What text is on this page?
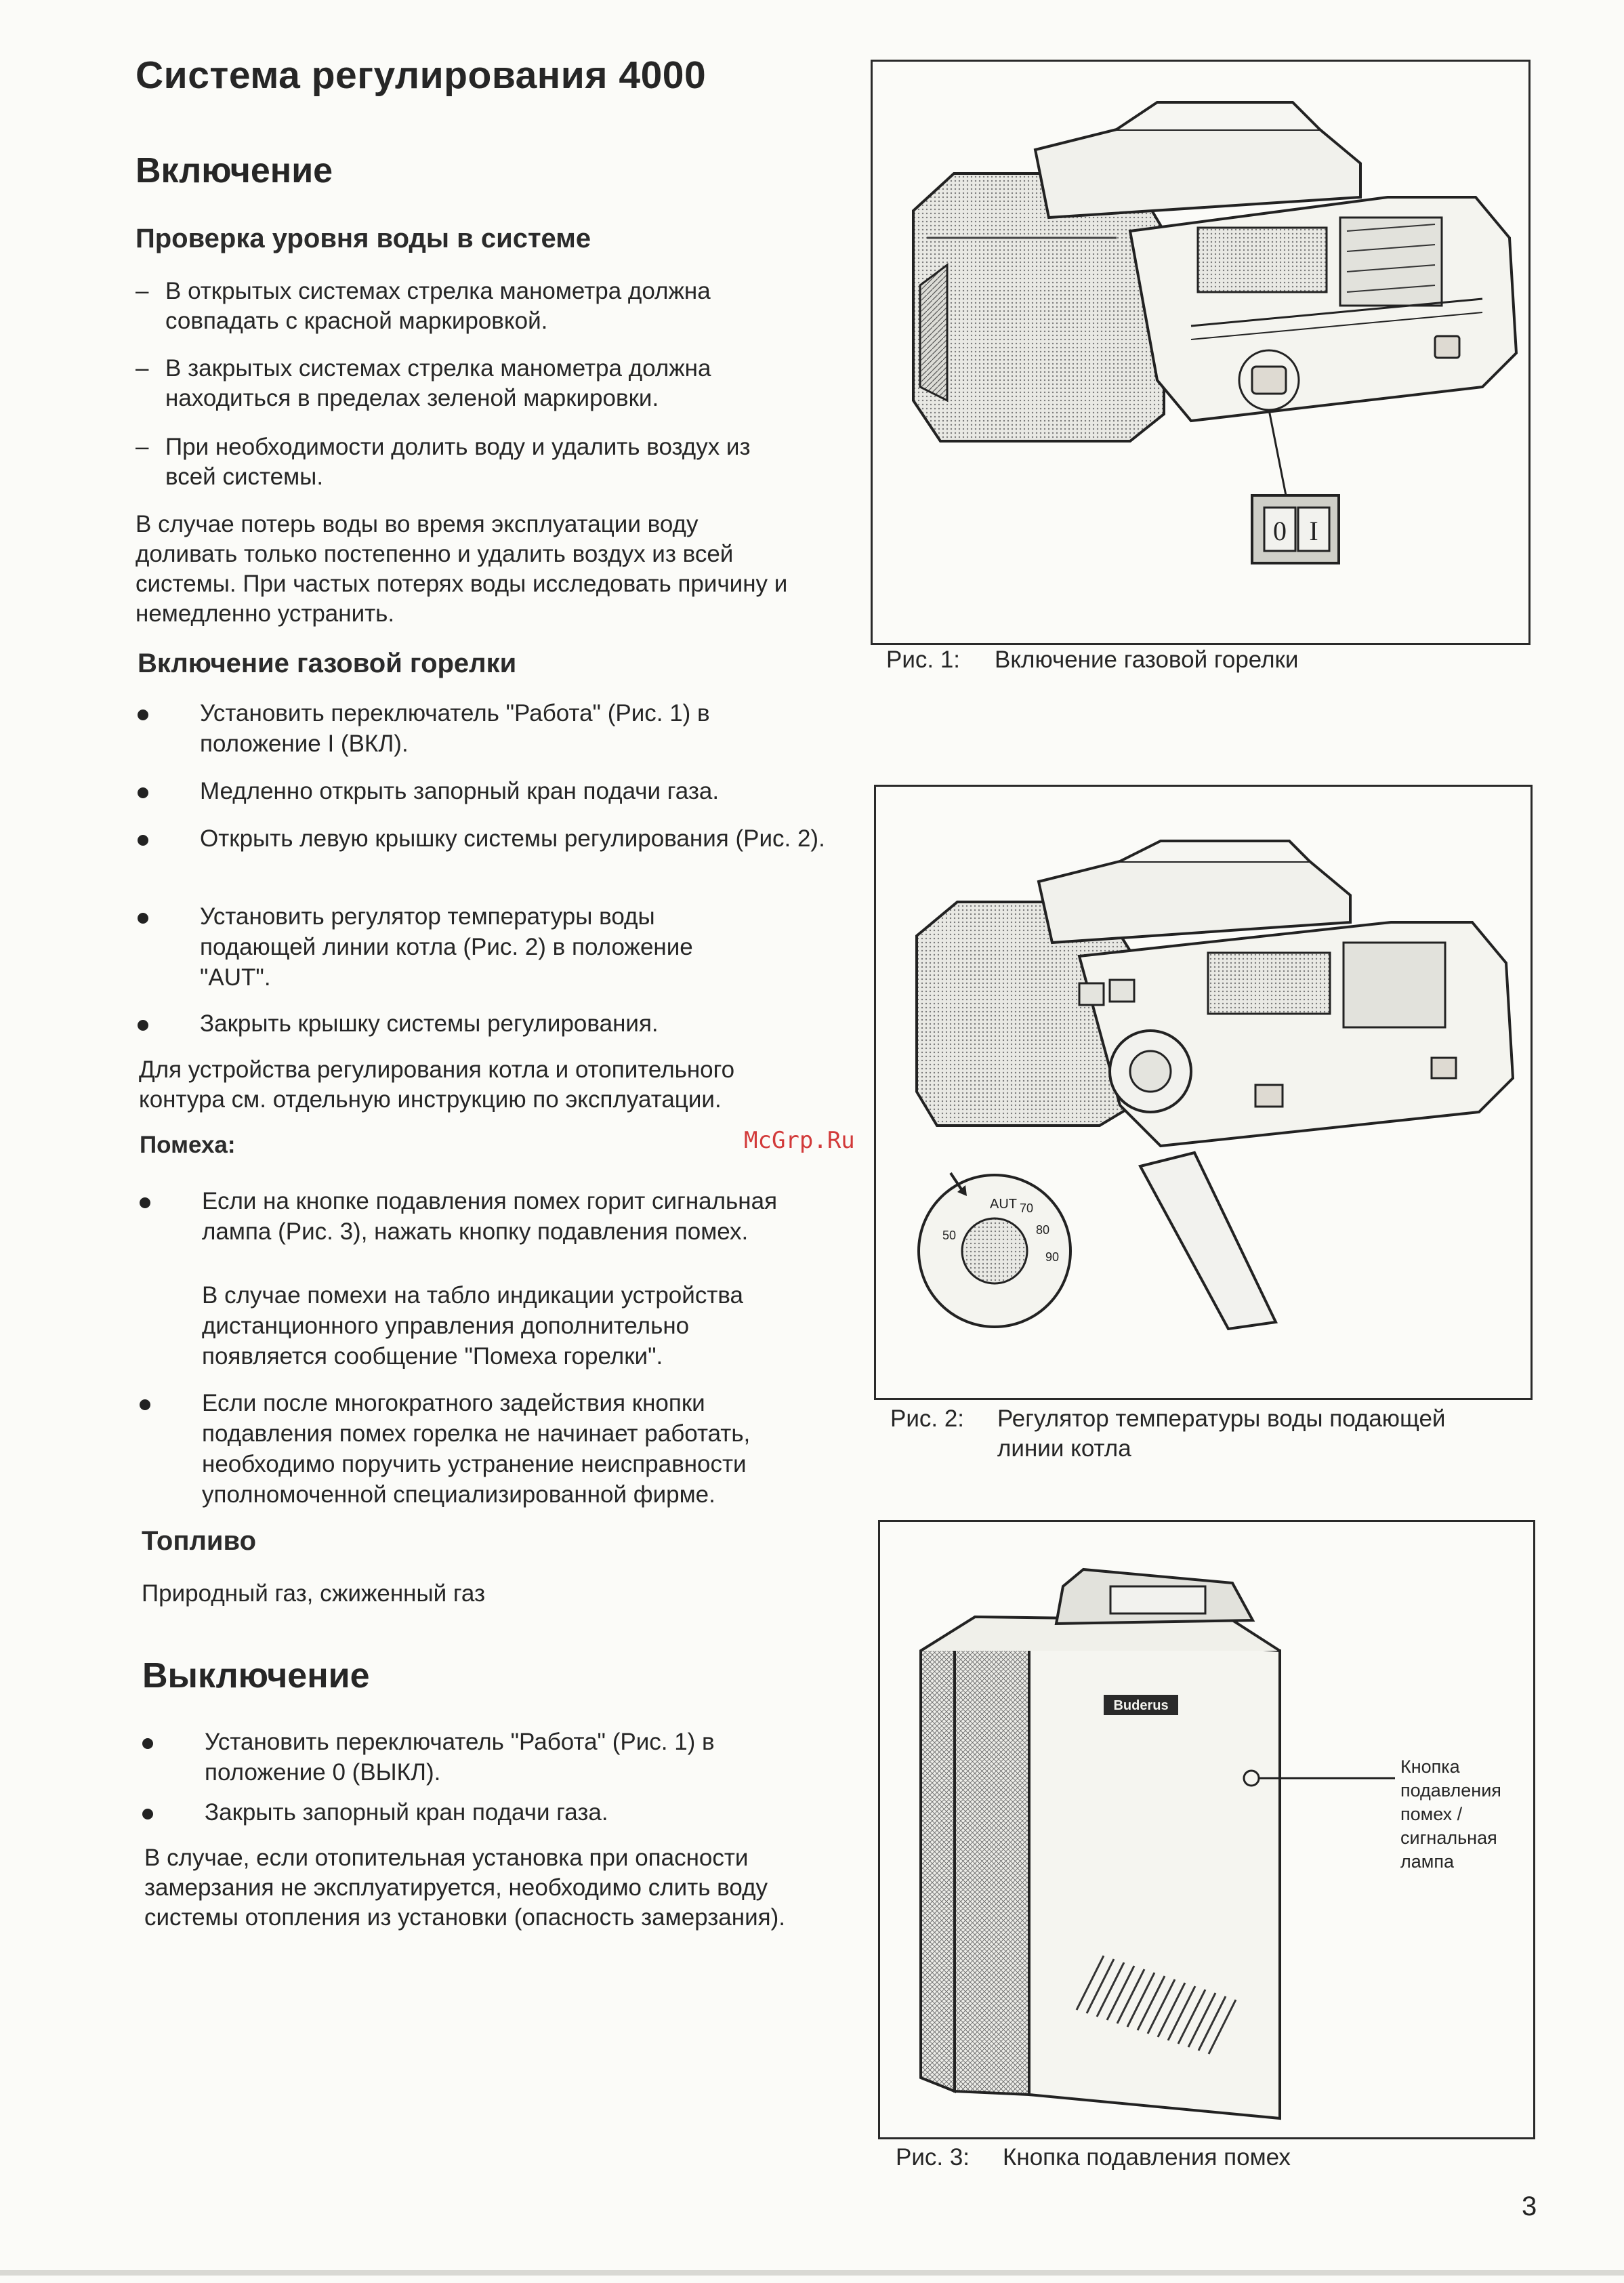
Система регулирования 4000
Включение
Проверка уровня воды в системе
– В открытых системах стрелка манометра должна совпадать с красной маркировкой.
– В закрытых системах стрелка манометра должна находиться в пределах зеленой маркировки.
– При необходимости долить воду и удалить воздух из всей системы.
В случае потерь воды во время эксплуатации воду доливать только постепенно и удалить воздух из всей системы. При частых потерях воды исследовать причину и немедленно устранить.
Включение газовой горелки
Установить переключатель "Работа" (Рис. 1) в положение I (ВКЛ).
Медленно открыть запорный кран подачи газа.
Открыть левую крышку системы регулирования (Рис. 2).
Установить регулятор температуры воды подающей линии котла (Рис. 2) в положение "AUT".
Закрыть крышку системы регулирования.
Для устройства регулирования котла и отопительного контура см. отдельную инструкцию по эксплуатации.
Помеха:
Если на кнопке подавления помех горит сигнальная лампа (Рис. 3), нажать кнопку подавления помех.
В случае помехи на табло индикации устройства дистанционного управления дополнительно появляется сообщение "Помеха горелки".
Если после многократного задействия кнопки подавления помех горелка не начинает работать, необходимо поручить устранение неисправности уполномоченной специализированной фирме.
Топливо
Природный газ, сжиженный газ
Выключение
Установить переключатель "Работа" (Рис. 1) в положение 0 (ВЫКЛ).
Закрыть запорный кран подачи газа.
В случае, если отопительная установка при опасности замерзания не эксплуатируется, необходимо слить воду системы отопления из установки (опасность замерзания).
0 I
Рис. 1: Включение газовой горелки
AUT 70
80
90
50
Рис. 2: Регулятор температуры воды подающей линии котла
Buderus
Кнопка
подавления
помех /
сигнальная
лампа
Рис. 3: Кнопка подавления помех
McGrp.Ru
3
